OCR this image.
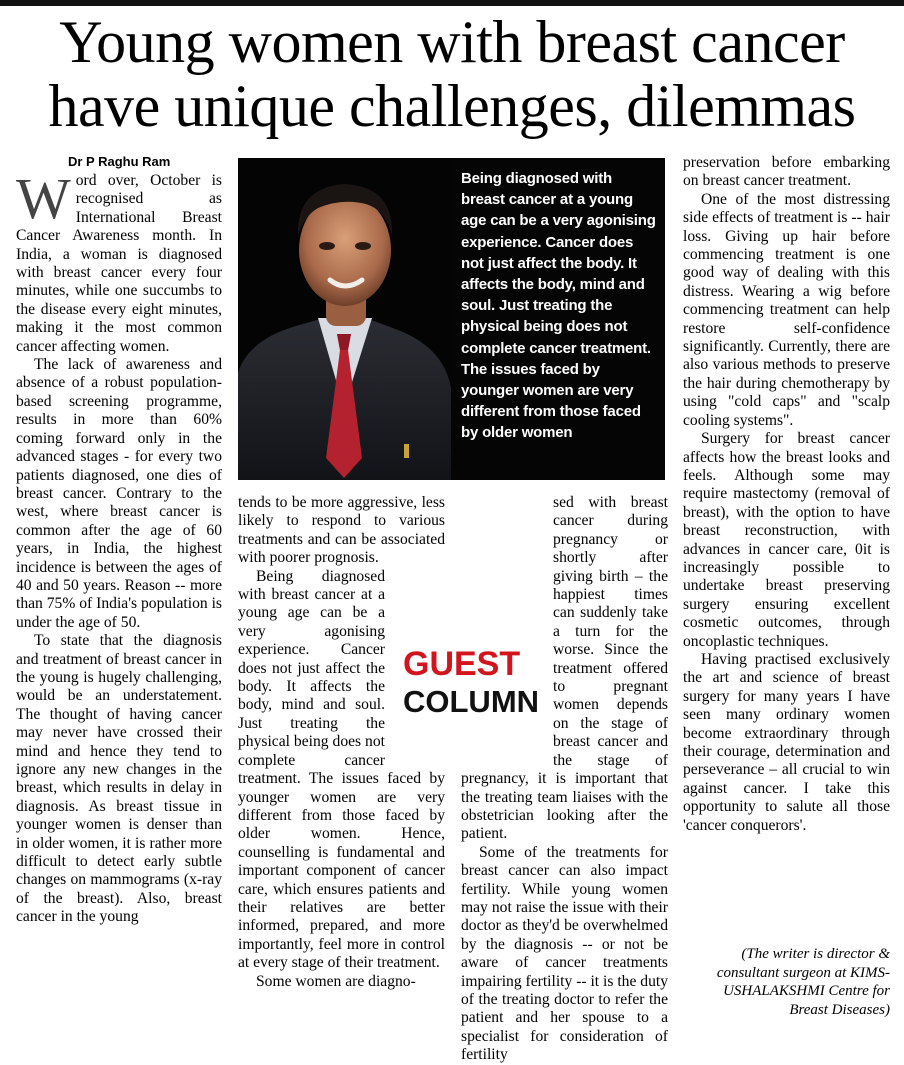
Young women with breast cancer have unique challenges, dilemmas
Dr P Raghu Ram
Being diagnosed with breast cancer at a young age can be a very agonising experience. Cancer does not just affect the body. It affects the body, mind and soul. Just treating the physical being does not complete cancer treatment. The issues faced by younger women are very different from those faced by older women

Word over, October is recognised as International Breast Cancer Awareness month. In India, a woman is diagnosed with breast cancer every four minutes, while one succumbs to the disease every eight minutes, making it the most common cancer affecting women.

The lack of awareness and absence of a robust population-based screening programme, results in more than 60% coming forward only in the advanced stages - for every two patients diagnosed, one dies of breast cancer. Contrary to the west, where breast cancer is common after the age of 60 years, in India, the highest incidence is between the ages of 40 and 50 years. Reason -- more than 75% of India's population is under the age of 50.

To state that the diagnosis and treatment of breast cancer in the young is hugely challenging, would be an understatement. The thought of having cancer may never have crossed their mind and hence they tend to ignore any new changes in the breast, which results in delay in diagnosis. As breast tissue in younger women is denser than in older women, it is rather more difficult to detect early subtle changes on mammograms (x-ray of the breast). Also, breast cancer in the young

tends to be more aggressive, less likely to respond to various treatments and can be associated with poorer prognosis.

GUEST
COLUMN
Being diagnosed with breast cancer at a young age can be a very agonising experience. Cancer does not just affect the body. It affects the body, mind and soul. Just treating the physical being does not complete cancer treatment. The issues faced by younger women are very different from those faced by older women. Hence, counselling is fundamental and important component of cancer care, which ensures patients and their relatives are better informed, prepared, and more importantly, feel more in control at every stage of their treatment.

Some women are diagno-

sed with breast cancer during pregnancy or shortly after giving birth – the happiest times can suddenly take a turn for the worse. Since the treatment offered to pregnant women depends on the stage of breast cancer and the stage of pregnancy, it is important that the treating team liaises with the obstetrician looking after the patient.

Some of the treatments for breast cancer can also impact fertility. While young women may not raise the issue with their doctor as they'd be overwhelmed by the diagnosis -- or not be aware of cancer treatments impairing fertility -- it is the duty of the treating doctor to refer the patient and her spouse to a specialist for consideration of fertility

preservation before embarking on breast cancer treatment.

One of the most distressing side effects of treatment is -- hair loss. Giving up hair before commencing treatment is one good way of dealing with this distress. Wearing a wig before commencing treatment can help restore self-confidence significantly. Currently, there are also various methods to preserve the hair during chemotherapy by using "cold caps" and "scalp cooling systems".

Surgery for breast cancer affects how the breast looks and feels. Although some may require mastectomy (removal of breast), with the option to have breast reconstruction, with advances in cancer care, 0it is increasingly possible to undertake breast preserving surgery ensuring excellent cosmetic outcomes, through oncoplastic techniques.

Having practised exclusively the art and science of breast surgery for many years I have seen many ordinary women become extraordinary through their courage, determination and perseverance – all crucial to win against cancer. I take this opportunity to salute all those 'cancer conquerors'.

(The writer is director & consultant surgeon at KIMS-USHALAKSHMI Centre for Breast Diseases)
